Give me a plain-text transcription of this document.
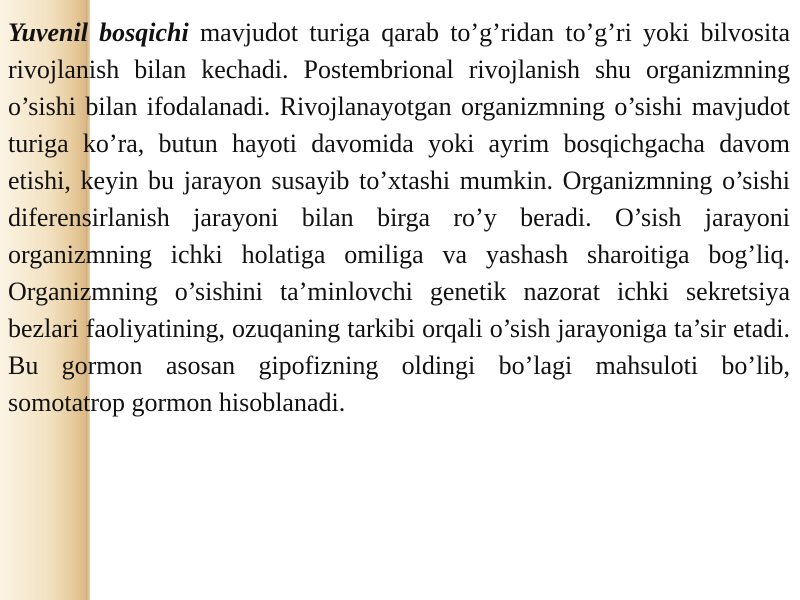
Yuvenil bosqichi mavjudot turiga qarab to’g’ridan to’g’ri yoki bilvosita rivojlanish bilan kechadi. Postembrional rivojlanish shu organizmning o’sishi bilan ifodalanadi. Rivojlanayotgan organizmning o’sishi mavjudot turiga ko’ra, butun hayoti davomida yoki ayrim bosqichgacha davom etishi, keyin bu jarayon susayib to’xtashi mumkin. Organizmning o’sishi diferensirlanish jarayoni bilan birga ro’y beradi. O’sish jarayoni organizmning ichki holatiga omiliga va yashash sharoitiga bog’liq. Organizmning o’sishini ta’minlovchi genetik nazorat ichki sekretsiya bezlari faoliyatining, ozuqaning tarkibi orqali o’sish jarayoniga ta’sir etadi. Bu gormon asosan gipofizning oldingi bo’lagi mahsuloti bo’lib, somotatrop gormon hisoblanadi.
